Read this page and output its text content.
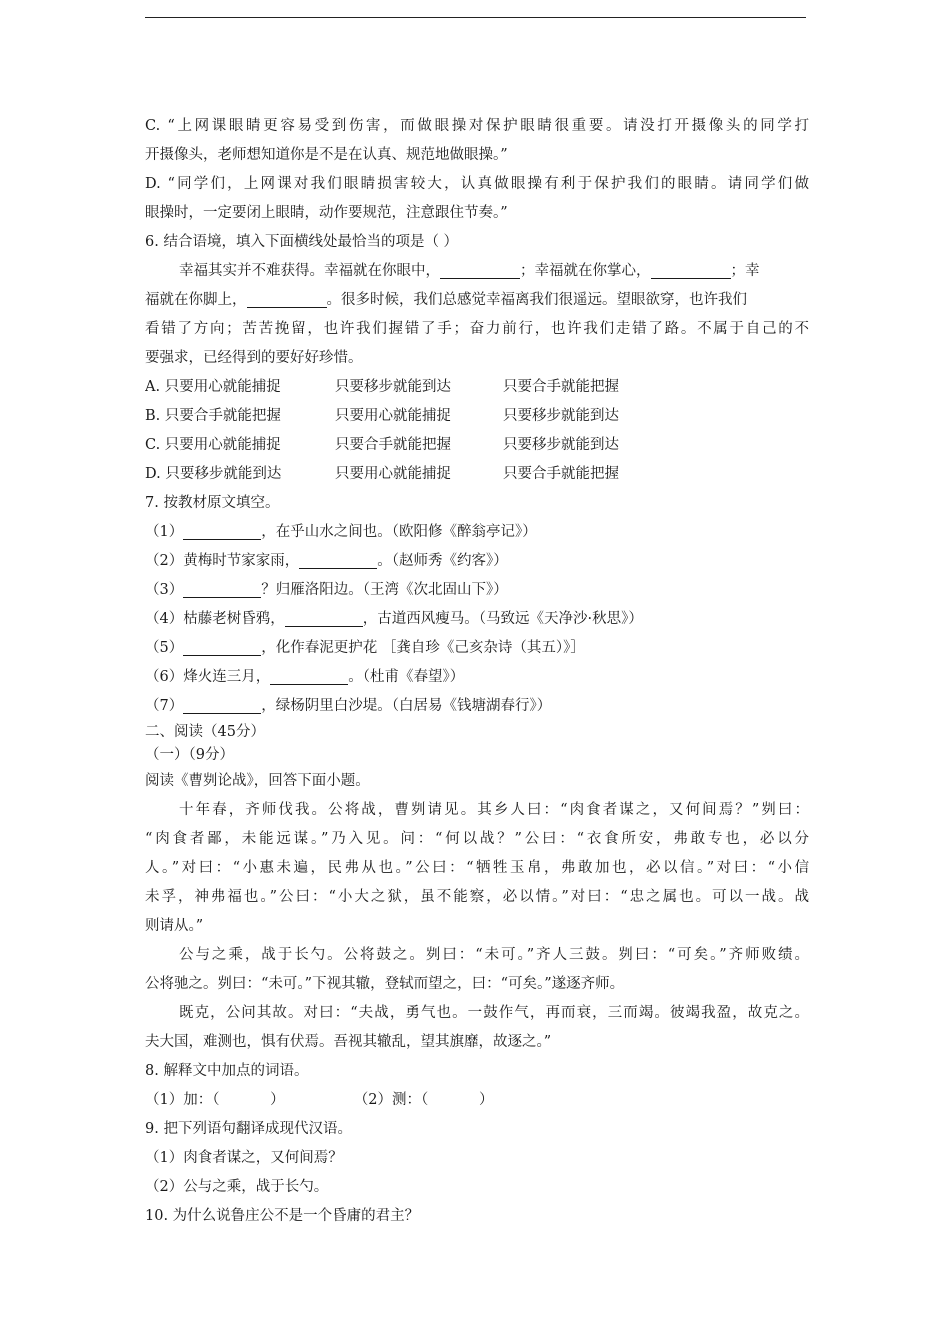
C. “上网课眼睛更容易受到伤害，而做眼操对保护眼睛很重要。请没打开摄像头的同学打
开摄像头，老师想知道你是不是在认真、规范地做眼操。”
D. “同学们，上网课对我们眼睛损害较大，认真做眼操有利于保护我们的眼睛。请同学们做
眼操时，一定要闭上眼睛，动作要规范，注意跟住节奏。”
6. 结合语境，填入下面横线处最恰当的项是（ ）
幸福其实并不难获得。幸福就在你眼中，	；幸福就在你掌心，	；幸
福就在你脚上，	。很多时候，我们总感觉幸福离我们很遥远。望眼欲穿，也许我们
看错了方向；苦苦挽留，也许我们握错了手；奋力前行，也许我们走错了路。不属于自己的不
要强求，已经得到的要好好珍惜。
A. 只要用心就能捕捉	只要移步就能到达	只要合手就能把握
B. 只要合手就能把握	只要用心就能捕捉	只要移步就能到达
C. 只要用心就能捕捉	只要合手就能把握	只要移步就能到达
D. 只要移步就能到达	只要用心就能捕捉	只要合手就能把握
7. 按教材原文填空。
（1）	，在乎山水之间也。（欧阳修《醉翁亭记》）
（2）黄梅时节家家雨，	。（赵师秀《约客》）
（3）	？归雁洛阳边。（王湾《次北固山下》）
（4）枯藤老树昏鸦，	，古道西风瘦马。（马致远《天净沙·秋思》）
（5）	，化作春泥更护花 ［龚自珍《己亥杂诗（其五）》］
（6）烽火连三月，	。（杜甫《春望》）
（7）	，绿杨阴里白沙堤。（白居易《钱塘湖春行》）
二、阅读（45分）
（一）（9分）
阅读《曹刿论战》，回答下面小题。
十年春，齐师伐我。公将战，曹刿请见。其乡人曰：“肉食者谋之，又何间焉？”刿曰：
“肉食者鄙，未能远谋。”乃入见。问：“何以战？”公曰：“衣食所安，弗敢专也，必以分
人。”对曰：“小惠未遍，民弗从也。”公曰：“牺牲玉帛，弗敢加也，必以信。”对曰：“小信
未孚，神弗福也。”公曰：“小大之狱，虽不能察，必以情。”对曰：“忠之属也。可以一战。战
则请从。”
公与之乘，战于长勺。公将鼓之。刿曰：“未可。”齐人三鼓。刿曰：“可矣。”齐师败绩。
公将驰之。刿曰：“未可。”下视其辙，登轼而望之，曰：“可矣。”遂逐齐师。
既克，公问其故。对曰：“夫战，勇气也。一鼓作气，再而衰，三而竭。彼竭我盈，故克之。
夫大国，难测也，惧有伏焉。吾视其辙乱，望其旗靡，故逐之。”
8. 解释文中加点的词语。
（1）加：（           ）               （2）测：（           ）
9. 把下列语句翻译成现代汉语。
（1）肉食者谋之，又何间焉？
（2）公与之乘，战于长勺。
10. 为什么说鲁庄公不是一个昏庸的君主？
